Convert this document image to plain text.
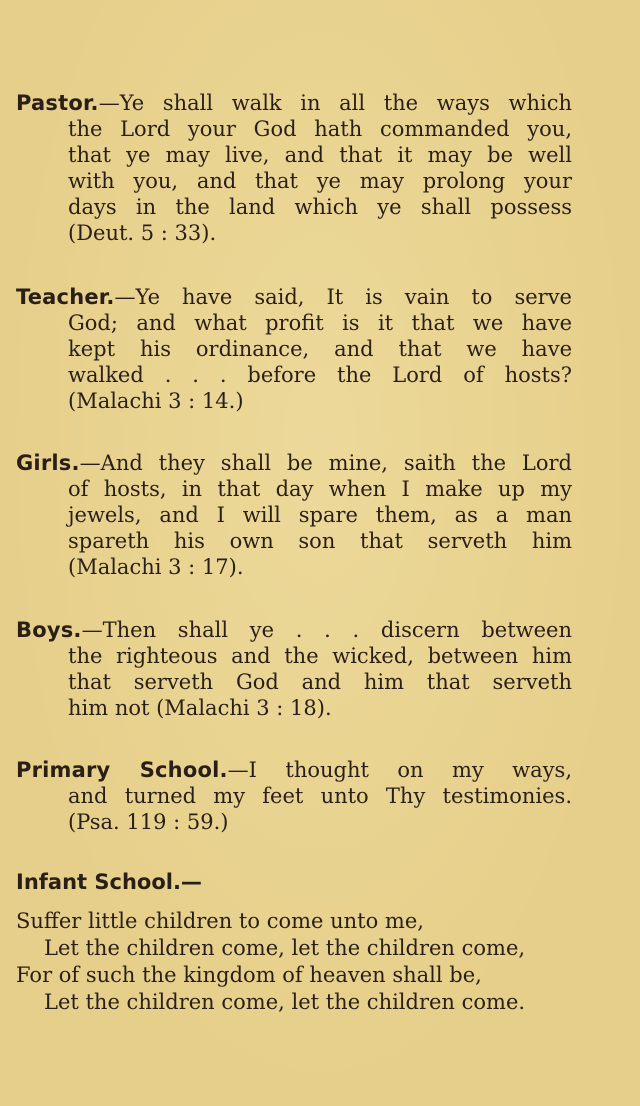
Pastor.—Ye shall walk in all the ways which
the Lord your God hath commanded you,
that ye may live, and that it may be well
with you, and that ye may prolong your
days in the land which ye shall possess
(Deut. 5 : 33).
Teacher.—Ye have said, It is vain to serve
God; and what profit is it that we have
kept his ordinance, and that we have
walked . . . before the Lord of hosts?
(Malachi 3 : 14.)
Girls.—And they shall be mine, saith the Lord
of hosts, in that day when I make up my
jewels, and I will spare them, as a man
spareth his own son that serveth him
(Malachi 3 : 17).
Boys.—Then shall ye . . . discern between
the righteous and the wicked, between him
that serveth God and him that serveth
him not (Malachi 3 : 18).
Primary School.—I thought on my ways,
and turned my feet unto Thy testimonies.
(Psa. 119 : 59.)
Infant School.—
Suffer little children to come unto me,
Let the children come, let the children come,
For of such the kingdom of heaven shall be,
Let the children come, let the children come.
